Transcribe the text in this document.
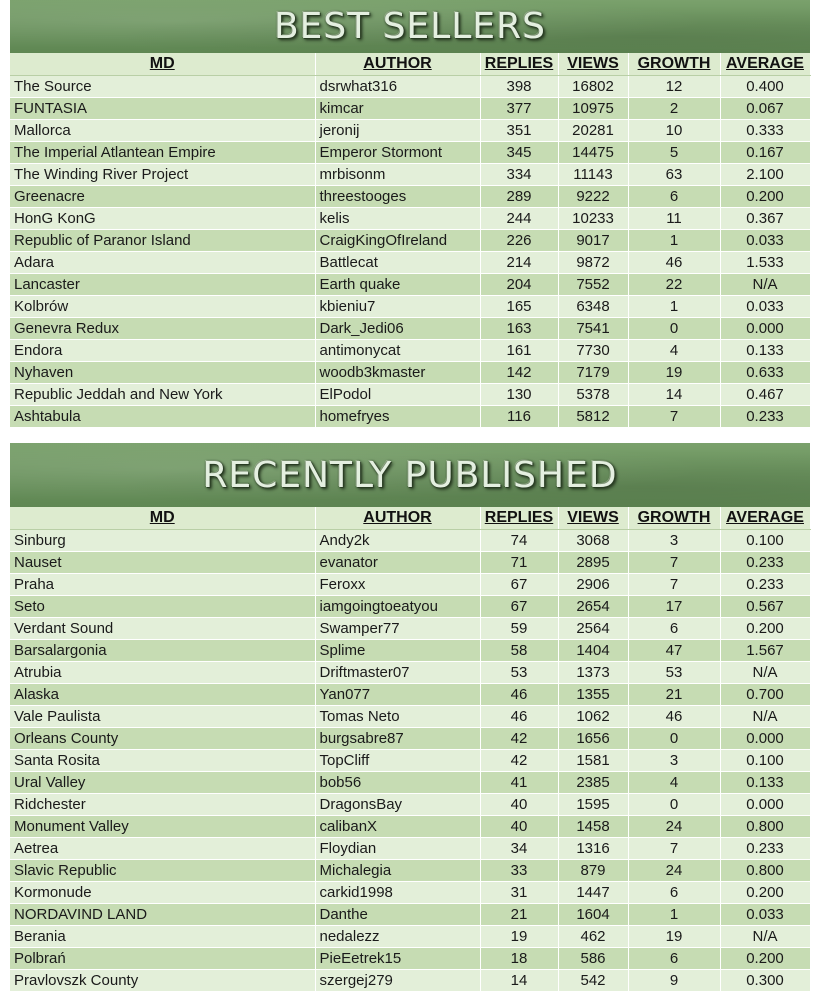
BEST SELLERS
MD	AUTHOR	REPLIES	VIEWS	GROWTH	AVERAGE
The Source	dsrwhat316	398	16802	12	0.400
FUNTASIA	kimcar	377	10975	2	0.067
Mallorca	jeronij	351	20281	10	0.333
The Imperial Atlantean Empire	Emperor Stormont	345	14475	5	0.167
The Winding River Project	mrbisonm	334	11143	63	2.100
Greenacre	threestooges	289	9222	6	0.200
HonG KonG	kelis	244	10233	11	0.367
Republic of Paranor Island	CraigKingOfIreland	226	9017	1	0.033
Adara	Battlecat	214	9872	46	1.533
Lancaster	Earth quake	204	7552	22	N/A
Kolbrów	kbieniu7	165	6348	1	0.033
Genevra Redux	Dark_Jedi06	163	7541	0	0.000
Endora	antimonycat	161	7730	4	0.133
Nyhaven	woodb3kmaster	142	7179	19	0.633
Republic Jeddah and New York	ElPodol	130	5378	14	0.467
Ashtabula	homefryes	116	5812	7	0.233
RECENTLY PUBLISHED
MD	AUTHOR	REPLIES	VIEWS	GROWTH	AVERAGE
Sinburg	Andy2k	74	3068	3	0.100
Nauset	evanator	71	2895	7	0.233
Praha	Feroxx	67	2906	7	0.233
Seto	iamgoingtoeatyou	67	2654	17	0.567
Verdant Sound	Swamper77	59	2564	6	0.200
Barsalargonia	Splime	58	1404	47	1.567
Atrubia	Driftmaster07	53	1373	53	N/A
Alaska	Yan077	46	1355	21	0.700
Vale Paulista	Tomas Neto	46	1062	46	N/A
Orleans County	burgsabre87	42	1656	0	0.000
Santa Rosita	TopCliff	42	1581	3	0.100
Ural Valley	bob56	41	2385	4	0.133
Ridchester	DragonsBay	40	1595	0	0.000
Monument Valley	calibanX	40	1458	24	0.800
Aetrea	Floydian	34	1316	7	0.233
Slavic Republic	Michalegia	33	879	24	0.800
Kormonude	carkid1998	31	1447	6	0.200
NORDAVIND LAND	Danthe	21	1604	1	0.033
Berania	nedalezz	19	462	19	N/A
Polbrań	PieEetrek15	18	586	6	0.200
Pravlovszk County	szergej279	14	542	9	0.300
